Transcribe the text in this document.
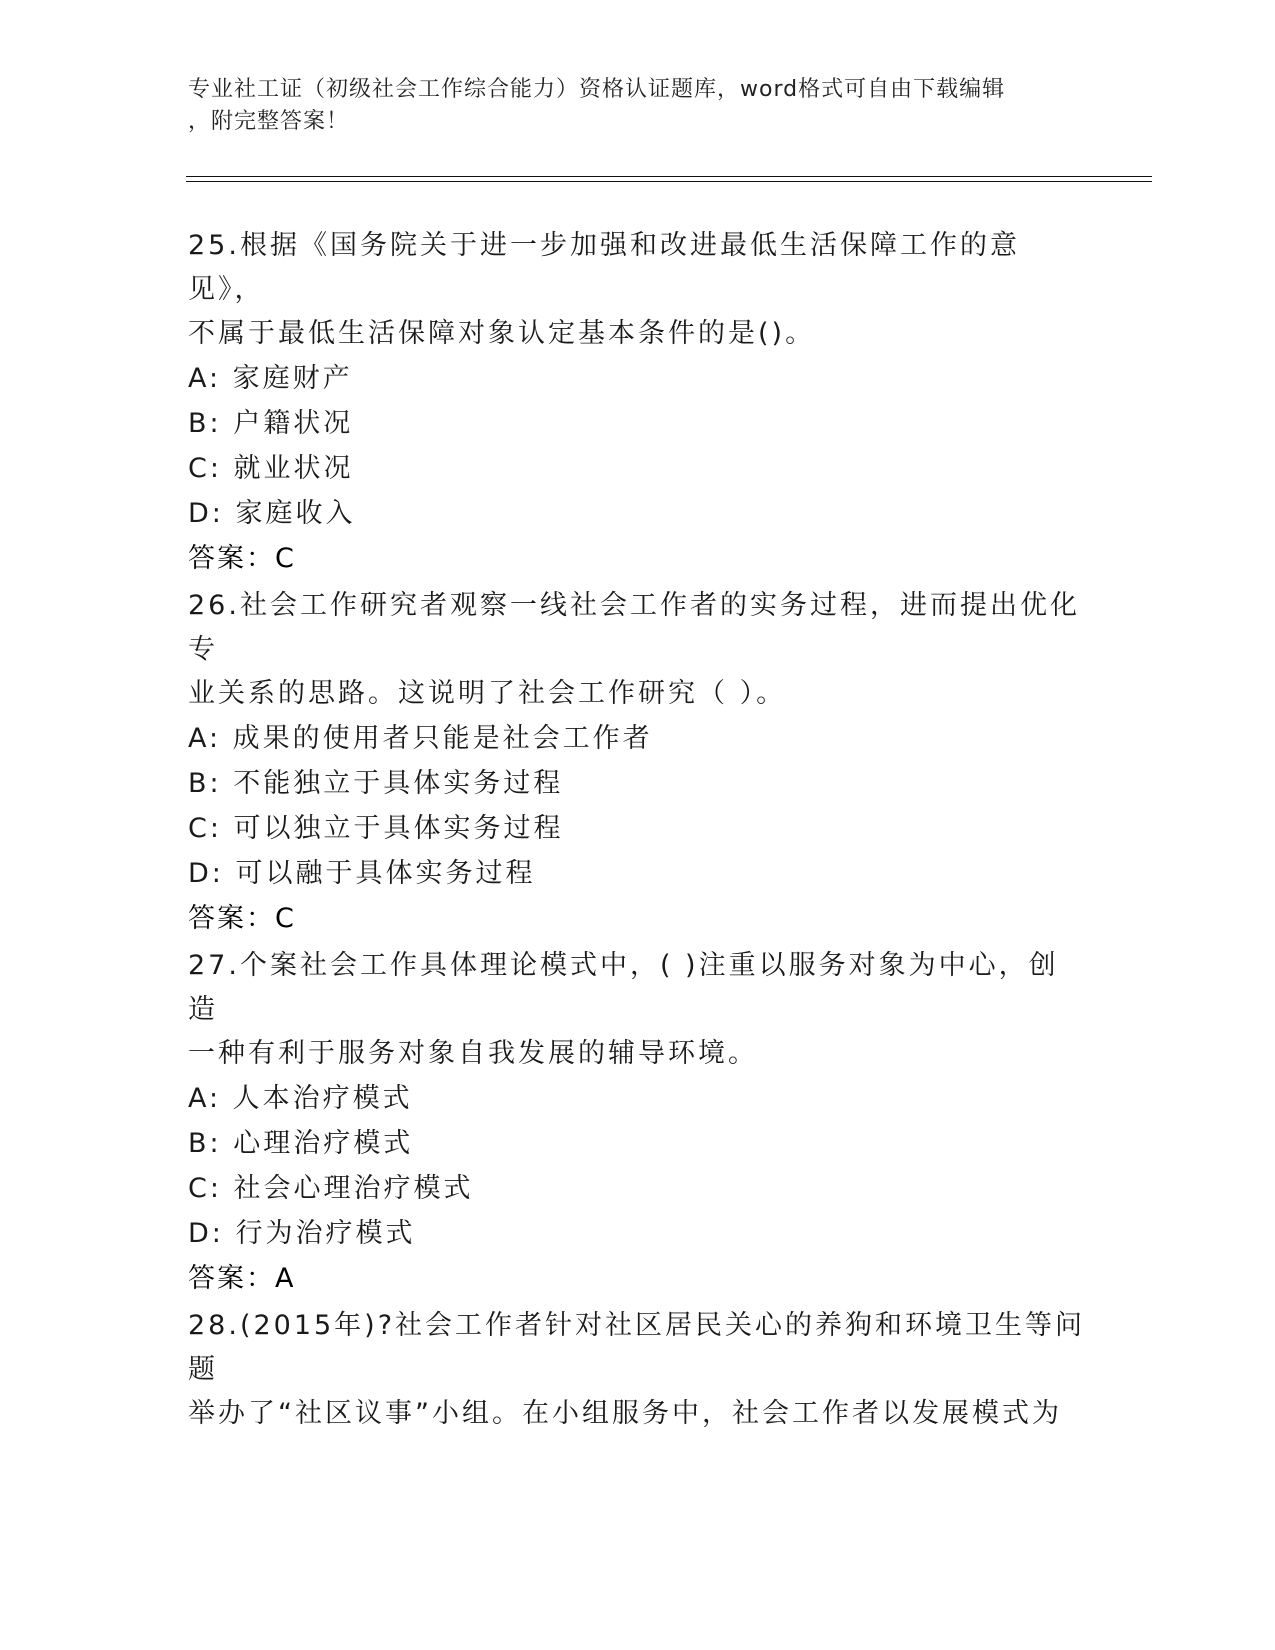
专业社工证（初级社会工作综合能力）资格认证题库，word格式可自由下载编辑
，附完整答案！

25.根据《国务院关于进一步加强和改进最低生活保障工作的意见》，

不属于最低生活保障对象认定基本条件的是()。

A: 家庭财产

B: 户籍状况

C: 就业状况

D: 家庭收入

答案：C

26.社会工作研究者观察一线社会工作者的实务过程，进而提出优化专

业关系的思路。这说明了社会工作研究（ ）。

A: 成果的使用者只能是社会工作者

B: 不能独立于具体实务过程

C: 可以独立于具体实务过程

D: 可以融于具体实务过程

答案：C

27.个案社会工作具体理论模式中，( )注重以服务对象为中心，创造

一种有利于服务对象自我发展的辅导环境。

A: 人本治疗模式

B: 心理治疗模式

C: 社会心理治疗模式

D: 行为治疗模式

答案：A

28.(2015年)?社会工作者针对社区居民关心的养狗和环境卫生等问题

举办了“社区议事”小组。在小组服务中，社会工作者以发展模式为
